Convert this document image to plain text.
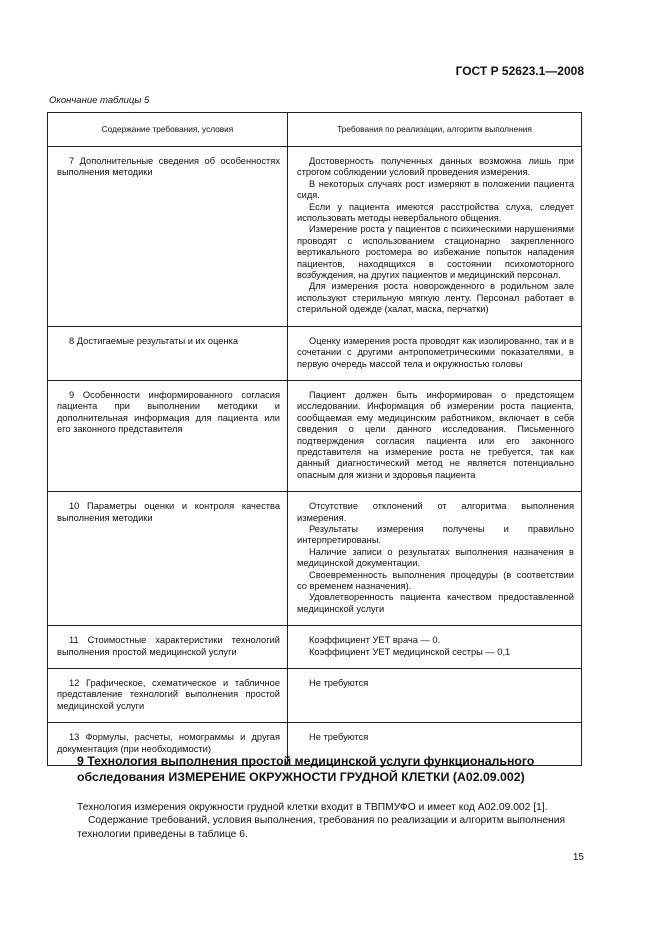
ГОСТ Р 52623.1—2008
Окончание таблицы 5
Содержание требования, условия	Требования по реализации, алгоритм выполнения

7 Дополнительные сведения об особенностях выполнения методики	Достоверность полученных данных возможна лишь при строгом соблюдении условий проведения измерения.

В некоторых случаях рост измеряют в положении пациента сидя.

Если у пациента имеются расстройства слуха, следует использовать методы невербального общения.

Измерение роста у пациентов с психическими нарушениями проводят с использованием стационарно закрепленного вертикального ростомера во избежание попыток нападения пациентов, находящихся в состоянии психомоторного возбуждения, на других пациентов и медицинский персонал.

Для измерения роста новорожденного в родильном зале используют стерильную мягкую ленту. Персонал работает в стерильной одежде (халат, маска, перчатки)

8 Достигаемые результаты и их оценка	Оценку измерения роста проводят как изолированно, так и в сочетании с другими антропометрическими показателями, в первую очередь массой тела и окружностью головы

9 Особенности информированного согласия пациента при выполнении методики и дополнительная информация для пациента или его законного представителя	Пациент должен быть информирован о предстоящем исследовании. Информация об измерении роста пациента, сообщаемая ему медицинским работником, включает в себя сведения о цели данного исследования. Письменного подтверждения согласия пациента или его законного представителя на измерение роста не требуется, так как данный диагностический метод не является потенциально опасным для жизни и здоровья пациента

10 Параметры оценки и контроля качества выполнения методики	Отсутствие отклонений от алгоритма выполнения измерения.

Результаты измерения получены и правильно интерпретированы.

Наличие записи о результатах выполнения назначения в медицинской документации.

Своевременность выполнения процедуры (в соответствии со временем назначения).

Удовлетворенность пациента качеством предоставленной медицинской услуги

11 Стоимостные характеристики технологий выполнения простой медицинской услуги	Коэффициент УЕТ врача — 0.

Коэффициент УЕТ медицинской сестры — 0,1

12 Графическое, схематическое и табличное представление технологий выполнения простой медицинской услуги	Не требуются

13 Формулы, расчеты, номограммы и другая документация (при необходимости)	Не требуются

9 Технология выполнения простой медицинской услуги функционального
обследования ИЗМЕРЕНИЕ ОКРУЖНОСТИ ГРУДНОЙ КЛЕТКИ (А02.09.002)

Технология измерения окружности грудной клетки входит в ТВПМУФО и имеет код А02.09.002 [1].

Содержание требований, условия выполнения, требования по реализации и алгоритм выполнения технологии приведены в таблице 6.

15
